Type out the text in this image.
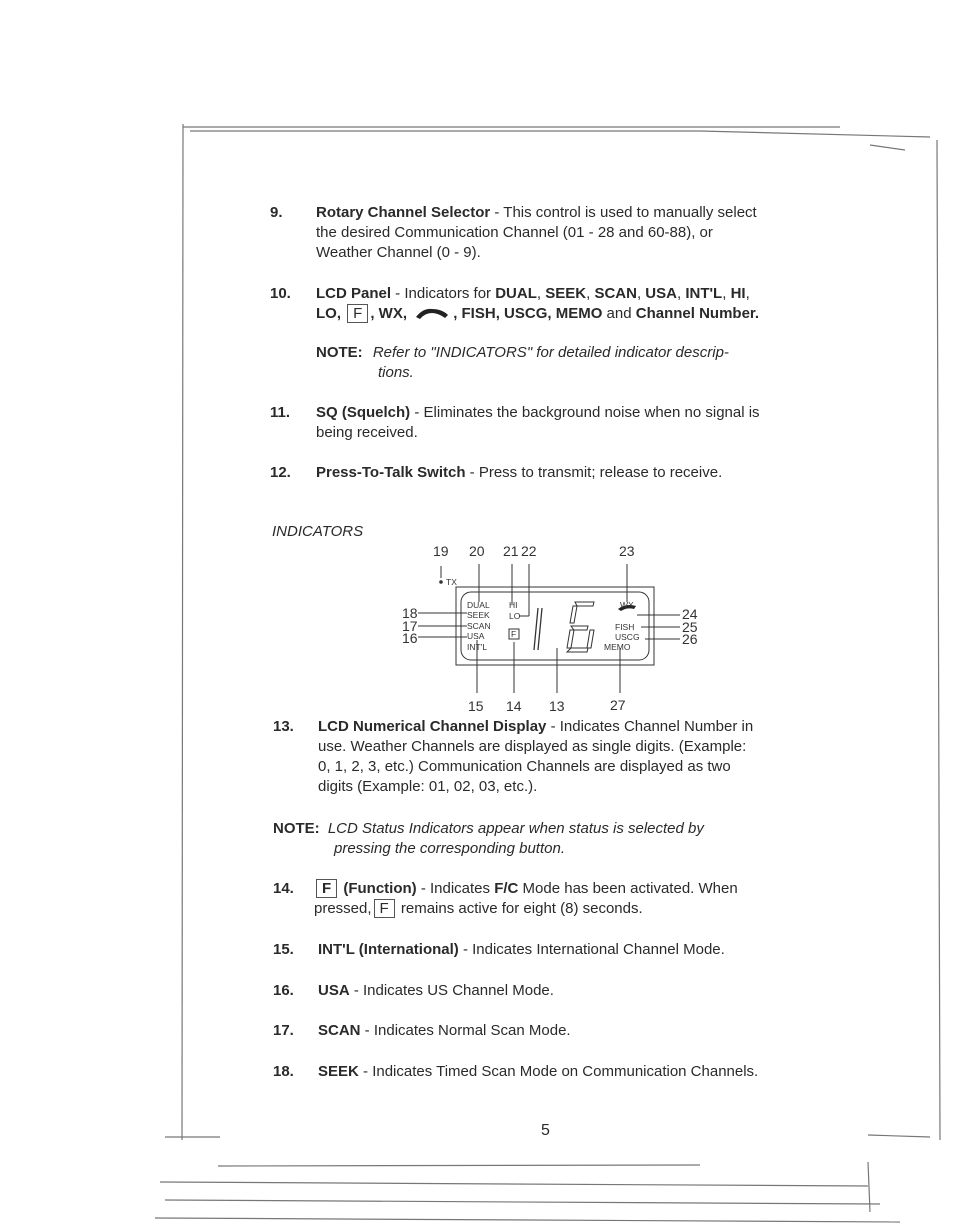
9. Rotary Channel Selector - This control is used to manually select
the desired Communication Channel (01 - 28 and 60-88), or
Weather Channel (0 - 9).
10. LCD Panel - Indicators for DUAL, SEEK, SCAN, USA, INT'L, HI,
LO, F , WX,	, FISH, USCG, MEMO and Channel Number.
NOTE: Refer to "INDICATORS" for detailed indicator descrip-
tions.
11. SQ (Squelch) - Eliminates the background noise when no signal is
being received.
12. Press-To-Talk Switch - Press to transmit; release to receive.
INDICATORS
19 20 21 22	23
18
17
16
24
25
26
15 14 13	27
TX
DUAL
SEEK
SCAN
USA
INT'L
HI
LO
F
WX
FISH
USCG
MEMO
13. LCD Numerical Channel Display - Indicates Channel Number in
use. Weather Channels are displayed as single digits. (Example:
0, 1, 2, 3, etc.) Communication Channels are displayed as two
digits (Example: 01, 02, 03, etc.).
NOTE: LCD Status Indicators appear when status is selected by
pressing the corresponding button.
14.	F (Function) - Indicates F/C Mode has been activated. When
pressed, F remains active for eight (8) seconds.
15. INT'L (International) - Indicates International Channel Mode.
16. USA - Indicates US Channel Mode.
17. SCAN - Indicates Normal Scan Mode.
18. SEEK - Indicates Timed Scan Mode on Communication Channels.
5
